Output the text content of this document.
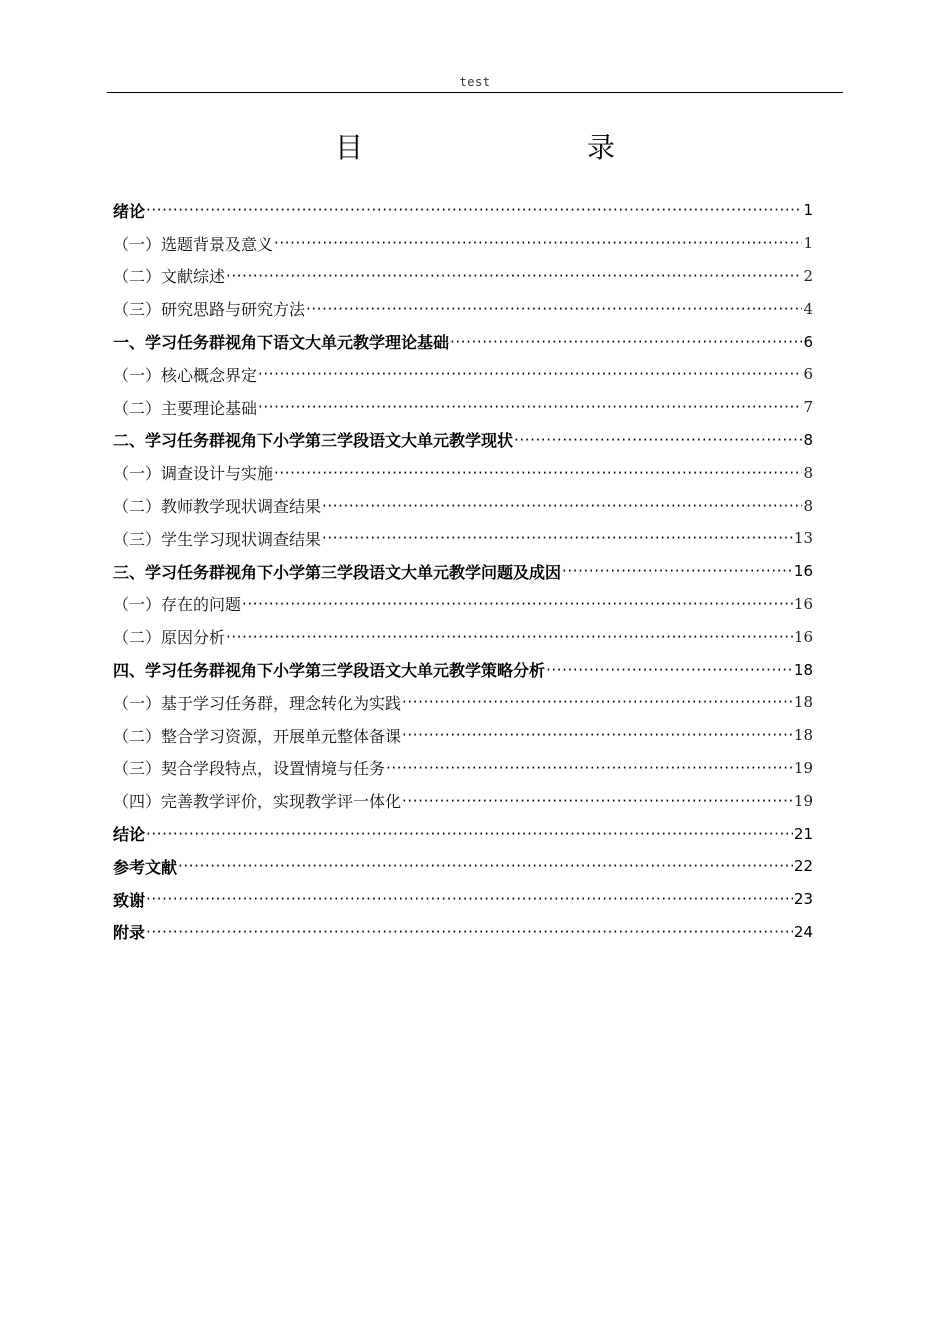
test
目　　录
绪论 ·····	1
（一）选题背景及意义 ·····	1
（二）文献综述 ·····	2
（三）研究思路与研究方法 ·····	4
一、学习任务群视角下语文大单元教学理论基础 ·····	6
（一）核心概念界定 ·····	6
（二）主要理论基础 ·····	7
二、学习任务群视角下小学第三学段语文大单元教学现状 ·····	8
（一）调查设计与实施 ·····	8
（二）教师教学现状调查结果 ·····	8
（三）学生学习现状调查结果 ·····	13
三、学习任务群视角下小学第三学段语文大单元教学问题及成因 ·····	16
（一）存在的问题 ·····	16
（二）原因分析 ·····	16
四、学习任务群视角下小学第三学段语文大单元教学策略分析 ·····	18
（一）基于学习任务群，理念转化为实践 ·····	18
（二）整合学习资源，开展单元整体备课 ·····	18
（三）契合学段特点，设置情境与任务 ·····	19
（四）完善教学评价，实现教学评一体化 ·····	19
结论 ·····	21
参考文献 ·····	22
致谢 ·····	23
附录 ·····	24
